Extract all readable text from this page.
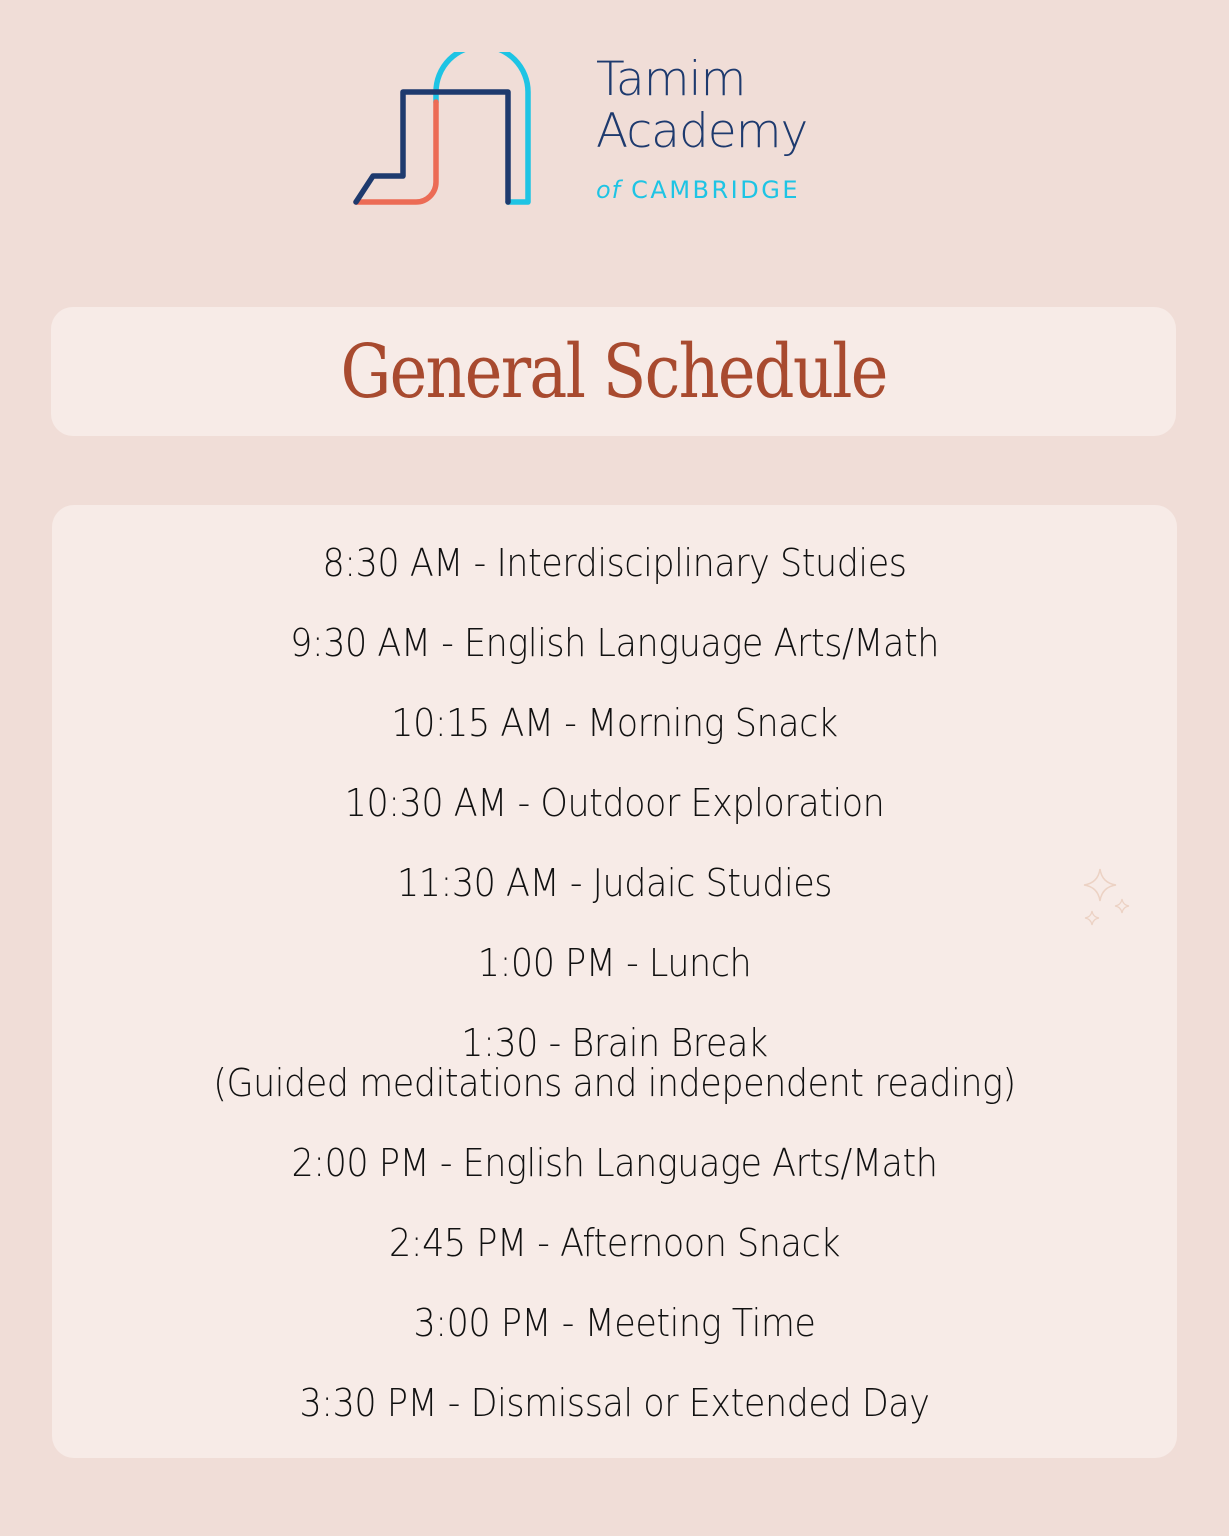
Tamim
Academy
of CAMBRIDGE
General Schedule
8:30 AM - Interdisciplinary Studies
9:30 AM - English Language Arts/Math
10:15 AM - Morning Snack
10:30 AM - Outdoor Exploration
11:30 AM - Judaic Studies
1:00 PM - Lunch
1:30 - Brain Break
(Guided meditations and independent reading)
2:00 PM - English Language Arts/Math
2:45 PM - Afternoon Snack
3:00 PM - Meeting Time
3:30 PM - Dismissal or Extended Day
